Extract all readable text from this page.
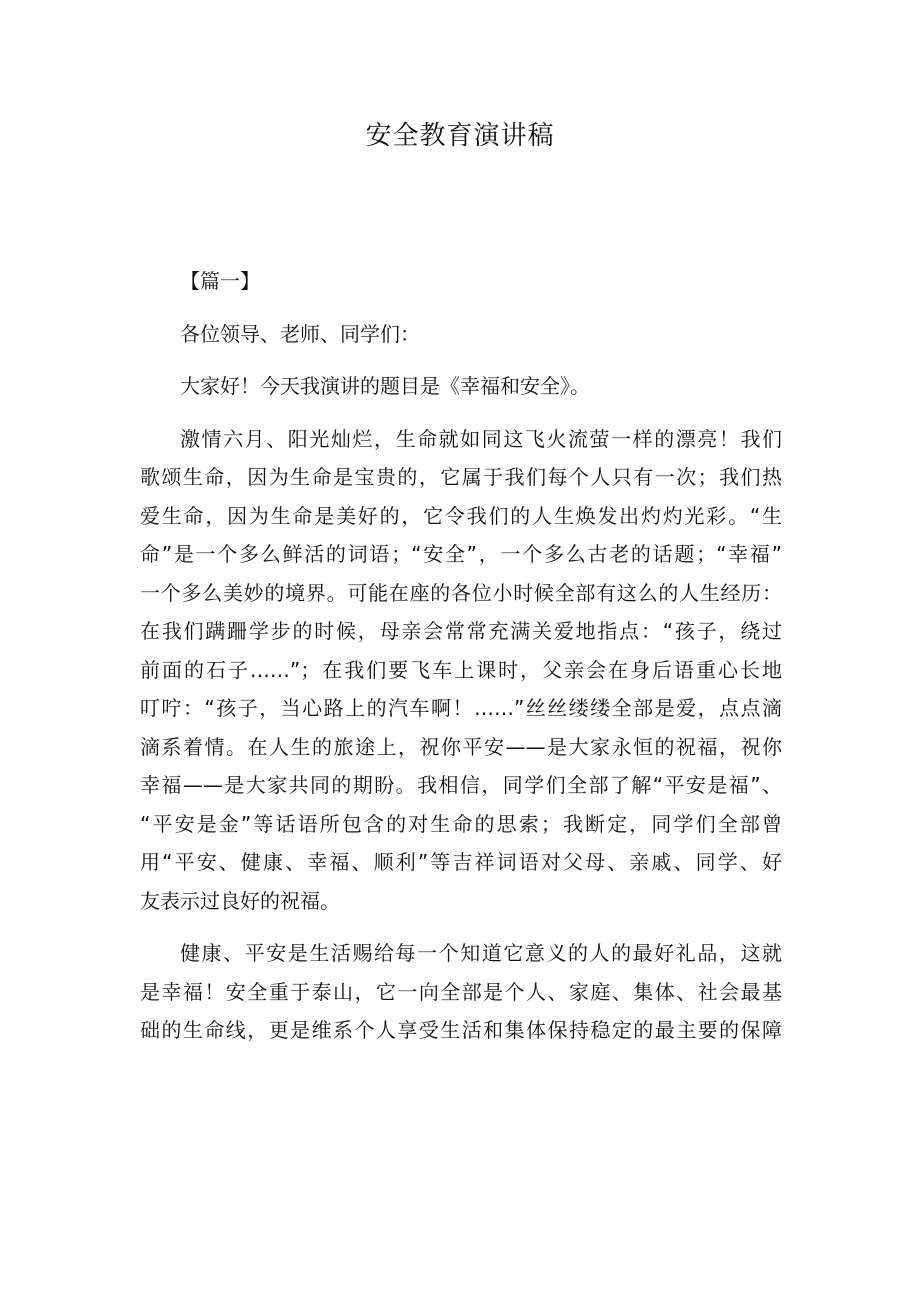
安全教育演讲稿
【篇一】
各位领导、老师、同学们：
大家好！今天我演讲的题目是《幸福和安全》。
激情六月、阳光灿烂，生命就如同这飞火流萤一样的漂亮！我们
歌颂生命，因为生命是宝贵的，它属于我们每个人只有一次；我们热
爱生命，因为生命是美好的，它令我们的人生焕发出灼灼光彩。“生
命”是一个多么鲜活的词语；“安全”，一个多么古老的话题；“幸福”
一个多么美妙的境界。可能在座的各位小时候全部有这么的人生经历：
在我们蹒跚学步的时候，母亲会常常充满关爱地指点：“孩子，绕过
前面的石子……”；在我们要飞车上课时，父亲会在身后语重心长地
叮咛：“孩子，当心路上的汽车啊！……”丝丝缕缕全部是爱，点点滴
滴系着情。在人生的旅途上，祝你平安——是大家永恒的祝福，祝你
幸福——是大家共同的期盼。我相信，同学们全部了解“平安是福”、
“平安是金”等话语所包含的对生命的思索；我断定，同学们全部曾
用“平安、健康、幸福、顺利”等吉祥词语对父母、亲戚、同学、好
友表示过良好的祝福。
健康、平安是生活赐给每一个知道它意义的人的最好礼品，这就
是幸福！安全重于泰山，它一向全部是个人、家庭、集体、社会最基
础的生命线，更是维系个人享受生活和集体保持稳定的最主要的保障
